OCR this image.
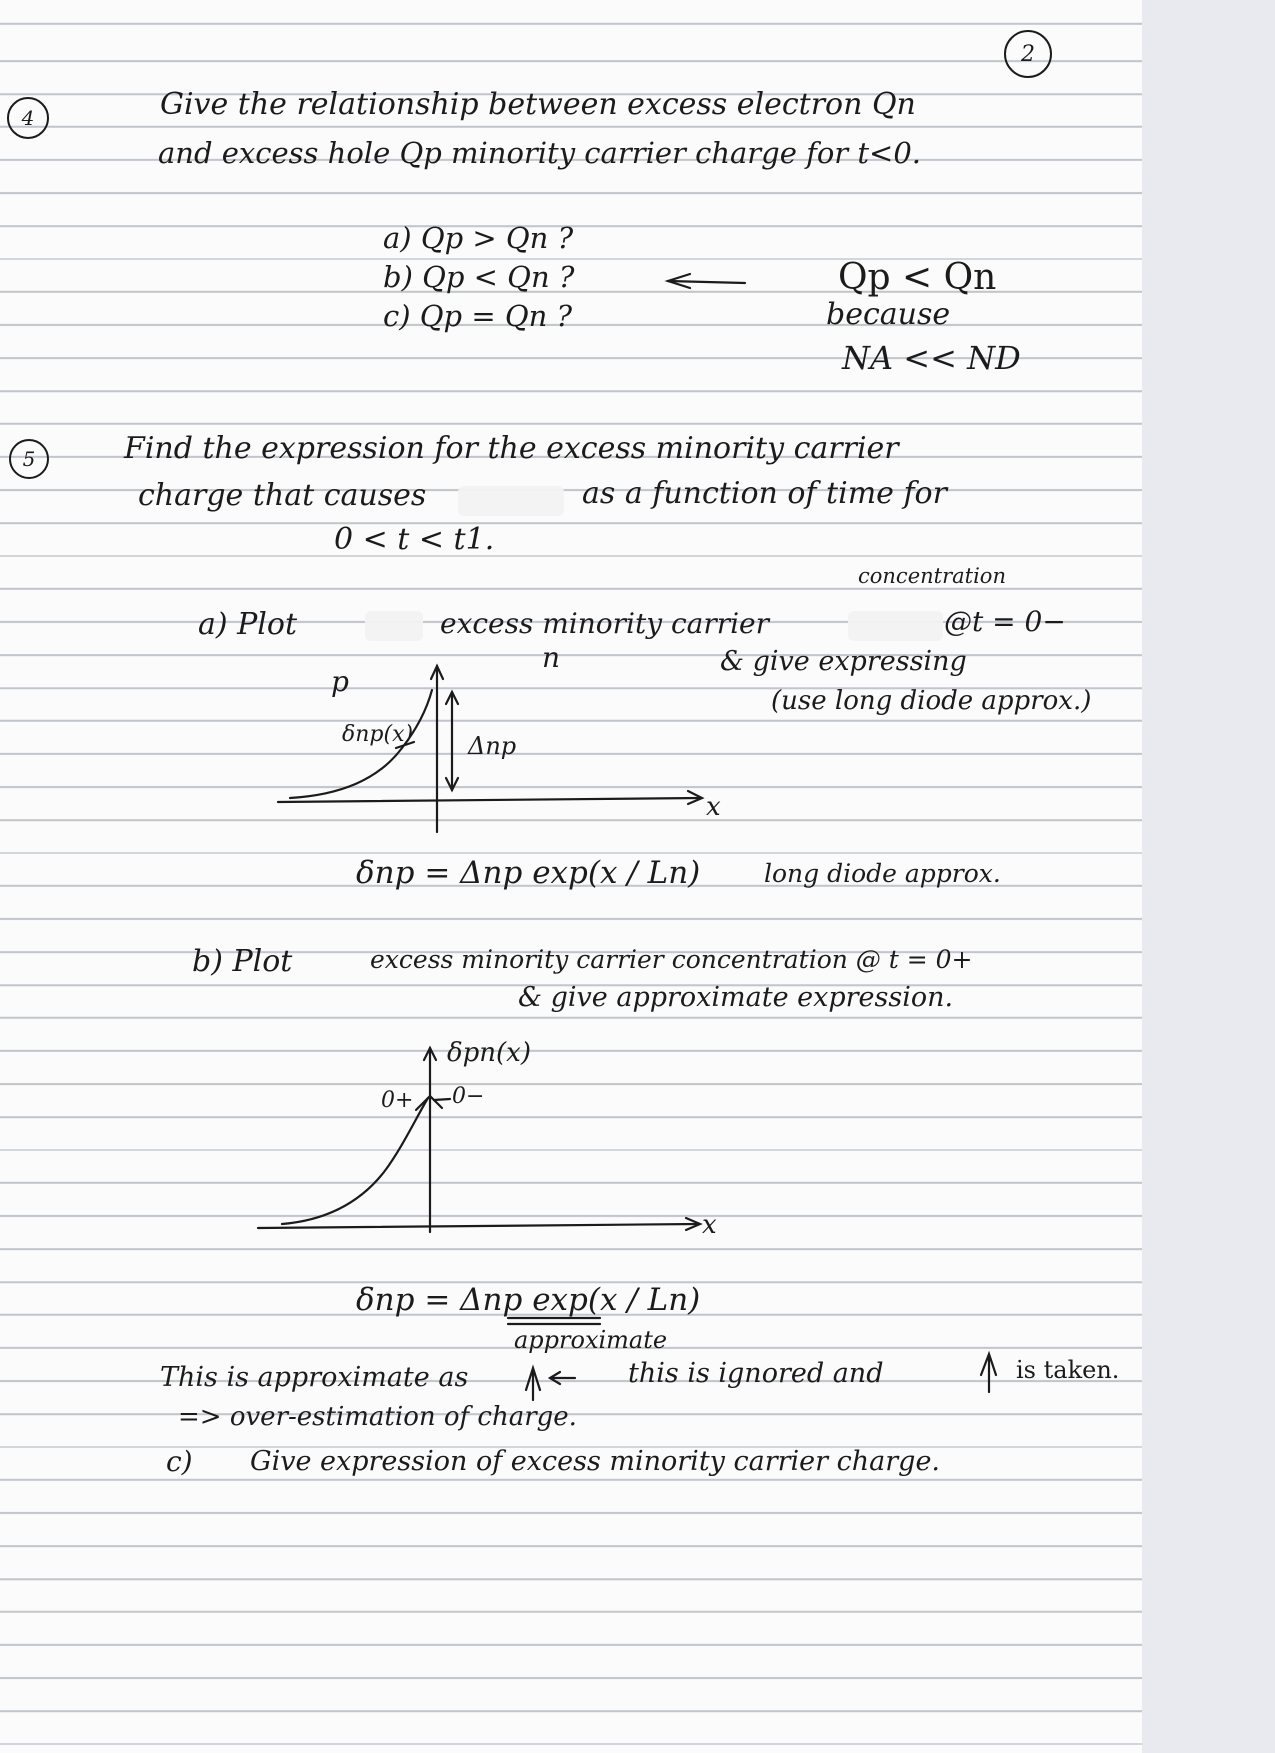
2
4	Give the relationship between excess electron Qn
and excess hole Qp minority carrier charge for t<0.
a) Qp > Qn ?
b) Qp < Qn ?
c) Qp = Qn ?
Qp < Qn
because
NA << ND
5	Find the expression for the excess minority carrier
charge that causes	as a function of time for
0 < t < t1.
concentration
a) Plot	excess minority carrier	@t = 0−
& give expressing
(use long diode approx.)
p
n
δnp(x) Δnp
x
δnp = Δnp exp(x / Ln)	long diode approx.
b) Plot	excess minority carrier concentration @ t = 0+
& give approximate expression.
δpn(x)
0+ 0−
x
δnp = Δnp exp(x / Ln)
approximate
This is approximate as	this is ignored and	is taken.
=> over-estimation of charge.
c) Give expression of excess minority carrier charge.
